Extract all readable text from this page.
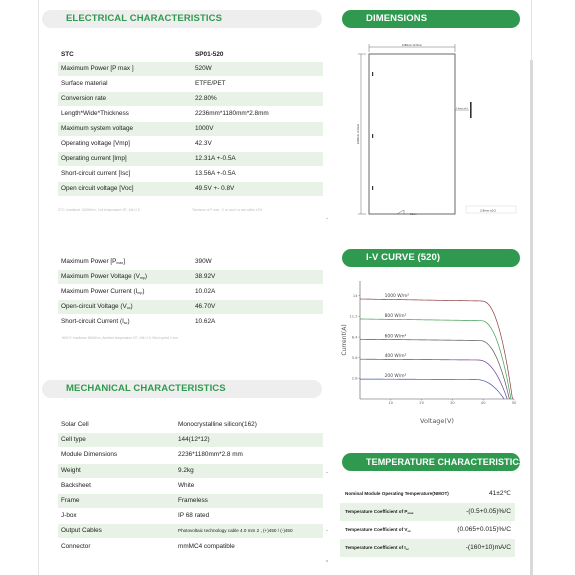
ELECTRICAL CHARACTERISTICS
STC	SP01-520
Maximum Power [P max ]	520W
Surface material	ETFE/PET
Conversion rate	22.80%
Length*Wide*Thickness	2236mm*1180mm*2.8mm
Maximum system voltage	1000V
Operating voltage [Vmp]	42.3V
Operating current [Imp]	12.31A +-0.5A
Short-circuit current [Isc]	13.56A +-0.5A
Open circuit voltage [Voc]	49.5V +- 0.8V
STC: Irradiance 1000W/m², Cell temperature 25°, AM=1.5	Tolerance of P max , V oc and I sc are within ±3%
Maximum Power [Pmax]	390W
Maximum Power Voltage (Vmp)	38.92V
Maximum Power Current (Imp)	10.02A
Open-circuit Voltage (Voc)	46.70V
Short-circuit Current (Isc)	10.62A
NMOT: Irradiance 800W/m², Ambient temperature 20°, AM=1.5, Wind speed 1 m/s
MECHANICAL CHARACTERISTICS
Solar Cell	Monocrystalline silicon(162)
Cell type	144(12*12)
Module Dimensions	2236*1180mm*2.8 mm
Weight	9.2kg
Backsheet	White
Frame	Frameless
J-box	IP 68 rated
Output Cables	Photovoltaic technology cable 4.0 mm 2 , (+)450 / (-)450
Connector	mmMC4 compatible
DIMENSIONS
1180mm ±2.5mm
2236mm ±2.5mm
1.4mm ±0.2
40mm
2.8mm ±0.2
I-V CURVE (520)
2.8
5.6
8.4
11.2
14
10	20	30	40	50
Voltage(V)
Current(A)
1000 W/m²
800 W/m²
600 W/m²
400 W/m²
200 W/m²
TEMPERATURE CHARACTERISTICS
Nominal Module Operating Temperature(NMOT)	41±2℃
Temperature Coefficient of $P_{max}$	-(0.5+0.05)%/C
Temperature Coefficient of $V_{oc}$	(0.065+0.015)%/C
Temperature Coefficient of $I_{sc}$	-(160+10)mA/C
